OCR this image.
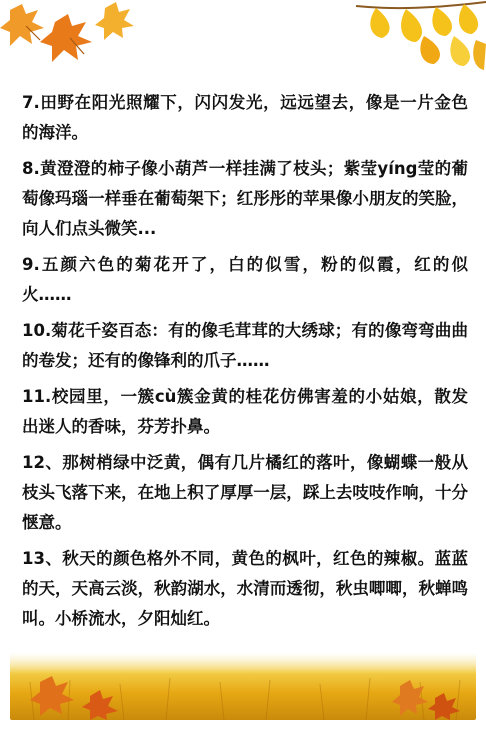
7.田野在阳光照耀下，闪闪发光，远远望去，像是一片金色的海洋。

8.黄澄澄的柿子像小葫芦一样挂满了枝头；紫莹yíng莹的葡萄像玛瑙一样垂在葡萄架下；红彤彤的苹果像小朋友的笑脸，向人们点头微笑...

9.五颜六色的菊花开了，白的似雪，粉的似霞，红的似火……

10.菊花千姿百态：有的像毛茸茸的大绣球；有的像弯弯曲曲的卷发；还有的像锋利的爪子……

11.校园里，一簇cù簇金黄的桂花仿佛害羞的小姑娘，散发出迷人的香味，芬芳扑鼻。

12、那树梢绿中泛黄，偶有几片橘红的落叶，像蝴蝶一般从枝头飞落下来，在地上积了厚厚一层，踩上去吱吱作响，十分惬意。

13、秋天的颜色格外不同，黄色的枫叶，红色的辣椒。蓝蓝的天，天高云淡，秋韵湖水，水清而透彻，秋虫唧唧，秋蝉鸣叫。小桥流水，夕阳灿红。
